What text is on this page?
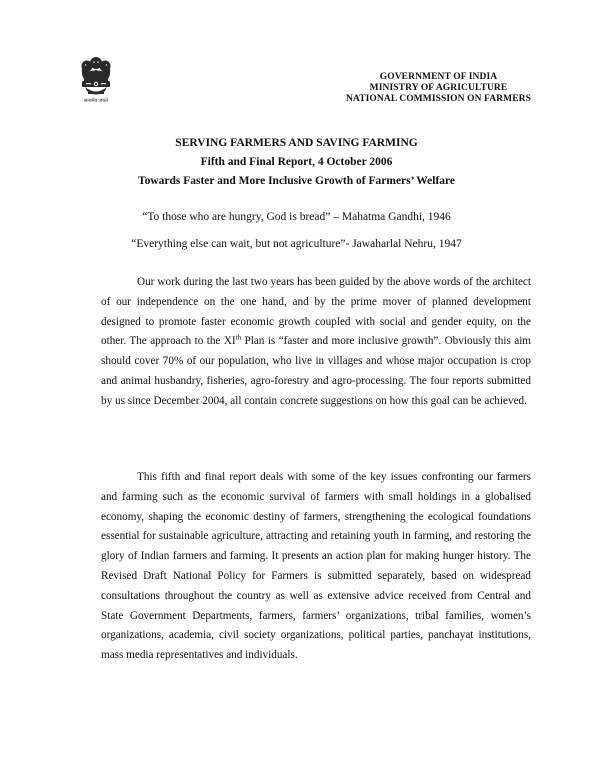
सत्यमेव जयते
GOVERNMENT OF INDIA
MINISTRY OF AGRICULTURE
NATIONAL COMMISSION ON FARMERS
SERVING FARMERS AND SAVING FARMING
Fifth and Final Report, 4 October 2006
Towards Faster and More Inclusive Growth of Farmers’ Welfare
“To those who are hungry, God is bread” – Mahatma Gandhi, 1946
“Everything else can wait, but not agriculture”- Jawaharlal Nehru, 1947

Our work during the last two years has been guided by the above words of the architect of our independence on the one hand, and by the prime mover of planned development designed to promote faster economic growth coupled with social and gender equity, on the other. The approach to the XIth Plan is “faster and more inclusive growth”. Obviously this aim should cover 70% of our population, who live in villages and whose major occupation is crop and animal husbandry, fisheries, agro-forestry and agro-processing. The four reports submitted by us since December 2004, all contain concrete suggestions on how this goal can be achieved.

This fifth and final report deals with some of the key issues confronting our farmers and farming such as the economic survival of farmers with small holdings in a globalised economy, shaping the economic destiny of farmers, strengthening the ecological foundations essential for sustainable agriculture, attracting and retaining youth in farming, and restoring the glory of Indian farmers and farming. It presents an action plan for making hunger history. The Revised Draft National Policy for Farmers is submitted separately, based on widespread consultations throughout the country as well as extensive advice received from Central and State Government Departments, farmers, farmers’ organizations, tribal families, women’s organizations, academia, civil society organizations, political parties, panchayat institutions, mass media representatives and individuals.
